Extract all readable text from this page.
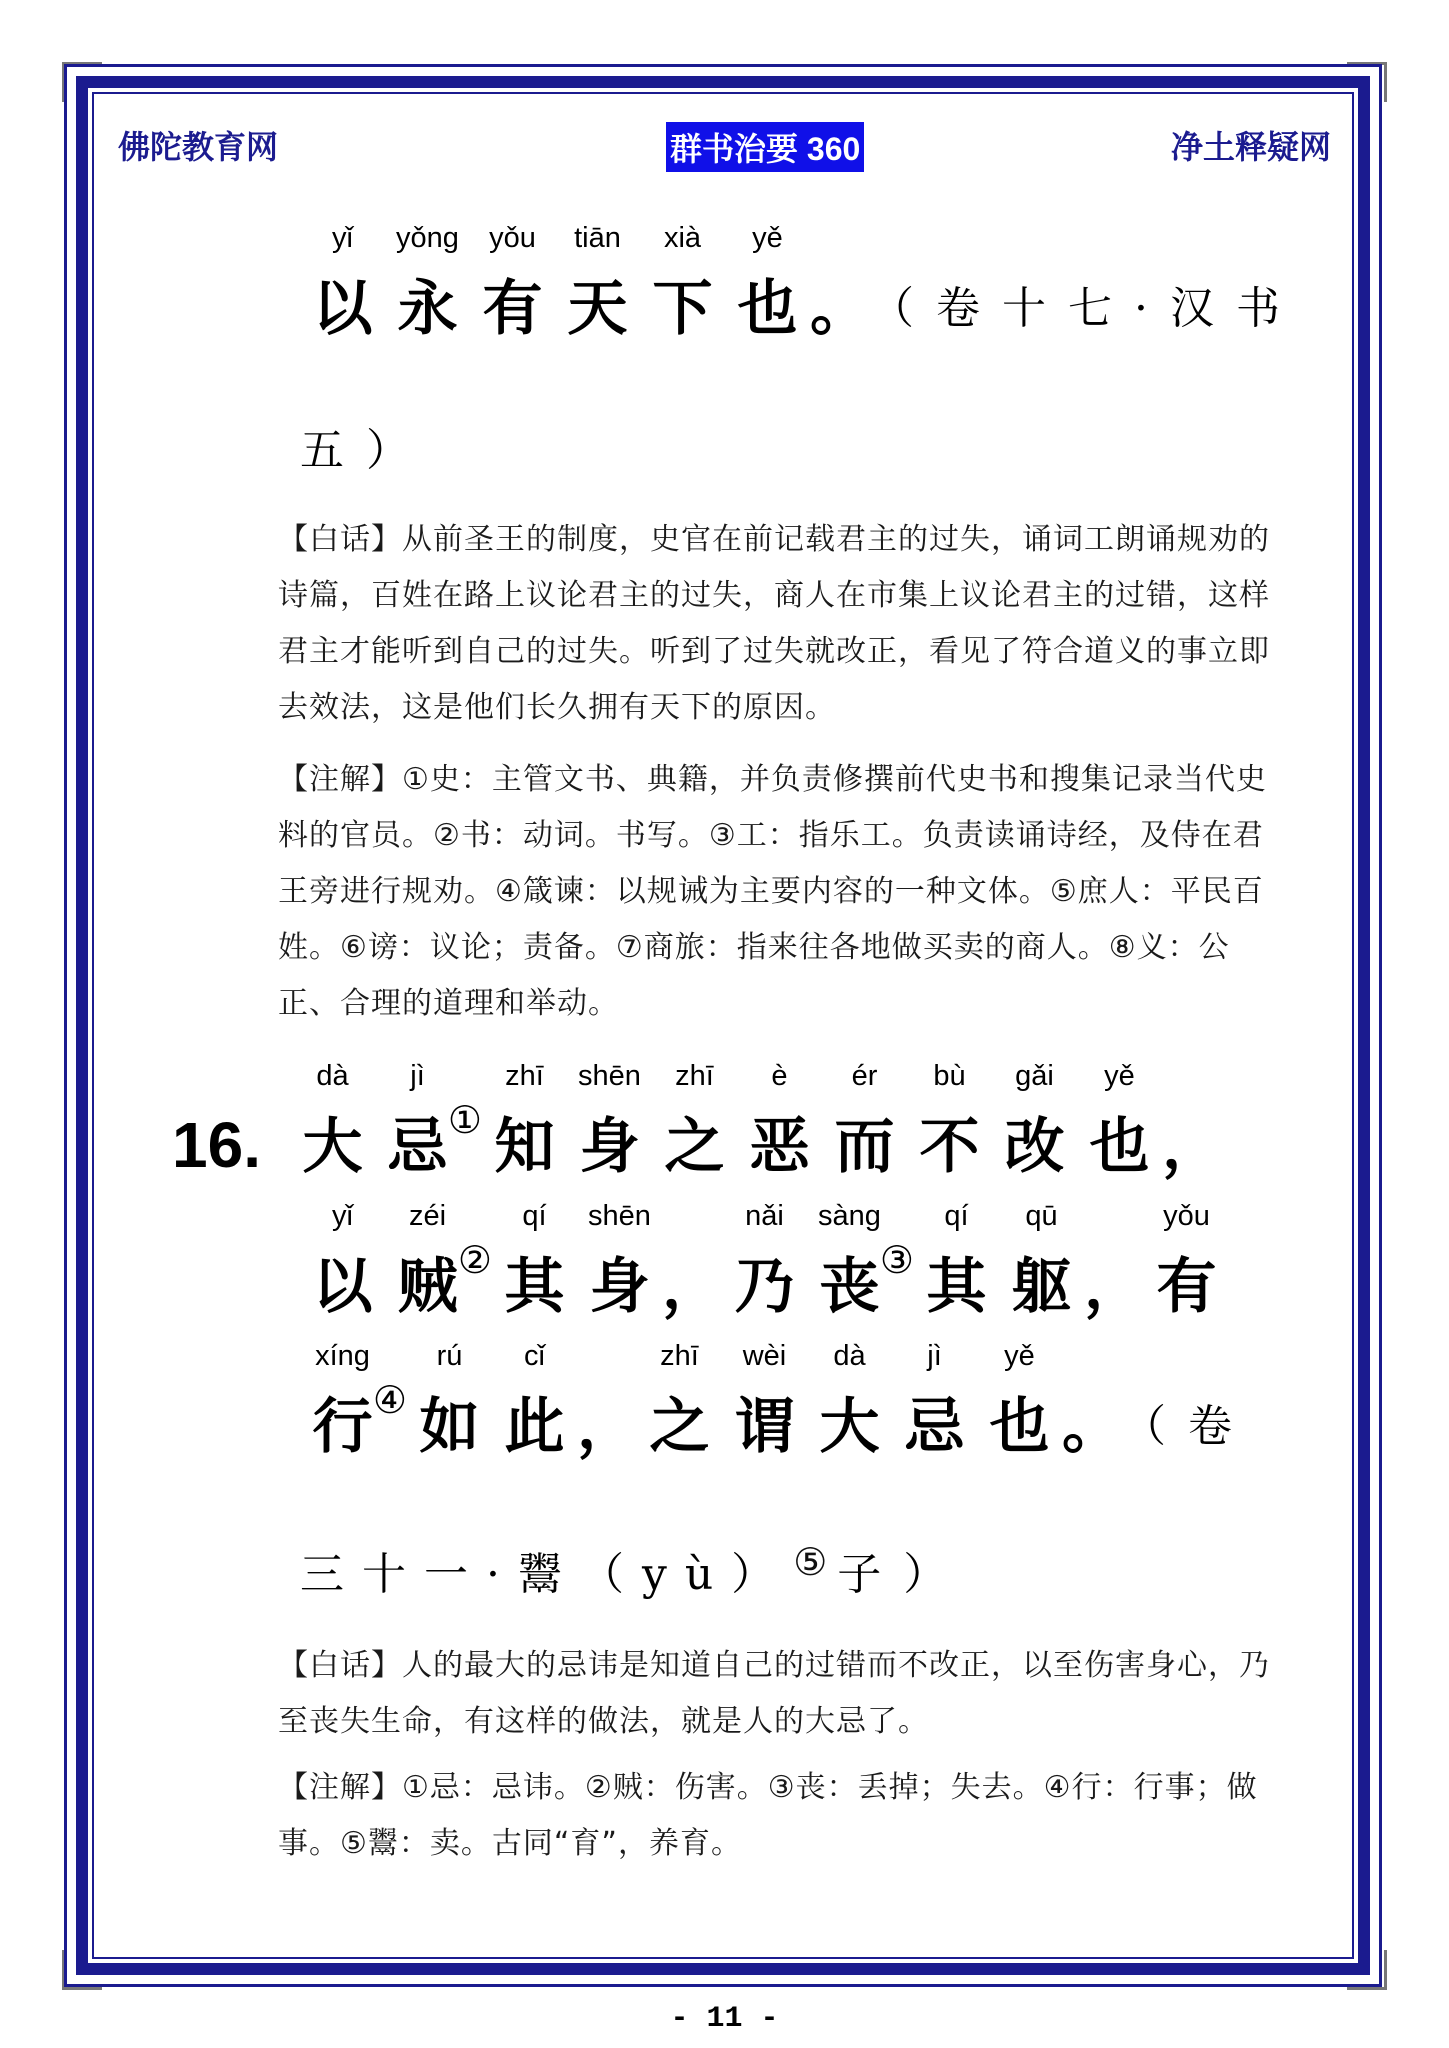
佛陀教育网	群书治要 360	净土释疑网
yǐ
以
yǒng
永
yǒu
有
tiān
天
xià
下
yě
也 。 （卷十七·汉书
五）
【白话】从前圣王的制度，史官在前记载君主的过失，诵词工朗诵规劝的诗篇，百姓在路上议论君主的过失，商人在市集上议论君主的过错，这样君主才能听到自己的过失。听到了过失就改正，看见了符合道义的事立即去效法，这是他们长久拥有天下的原因。
【注解】①史：主管文书、典籍，并负责修撰前代史书和搜集记录当代史料的官员。②书：动词。书写。③工：指乐工。负责读诵诗经，及侍在君王旁进行规劝。④箴谏：以规诫为主要内容的一种文体。⑤庶人：平民百姓。⑥谤：议论；责备。⑦商旅：指来往各地做买卖的商人。⑧义：公正、合理的道理和举动。
16.
dà
大
jì
忌 ①
zhī
知
shēn
身
zhī
之
è
恶
ér
而
bù
不
gǎi
改
yě
也 ，
yǐ
以
zéi
贼 ②
qí
其
shēn
身 ，
nǎi
乃
sàng
丧 ③
qí
其
qū
躯 ，
yǒu
有
xíng
行 ④
rú
如
cǐ
此 ，
zhī
之
wèi
谓
dà
大
jì
忌
yě
也 。 （卷
三十一·鬻（yù） ⑤ 子）
【白话】人的最大的忌讳是知道自己的过错而不改正，以至伤害身心，乃至丧失生命，有这样的做法，就是人的大忌了。
【注解】①忌：忌讳。②贼：伤害。③丧：丢掉；失去。④行：行事；做事。⑤鬻：卖。古同“育”，养育。
- 11 -
